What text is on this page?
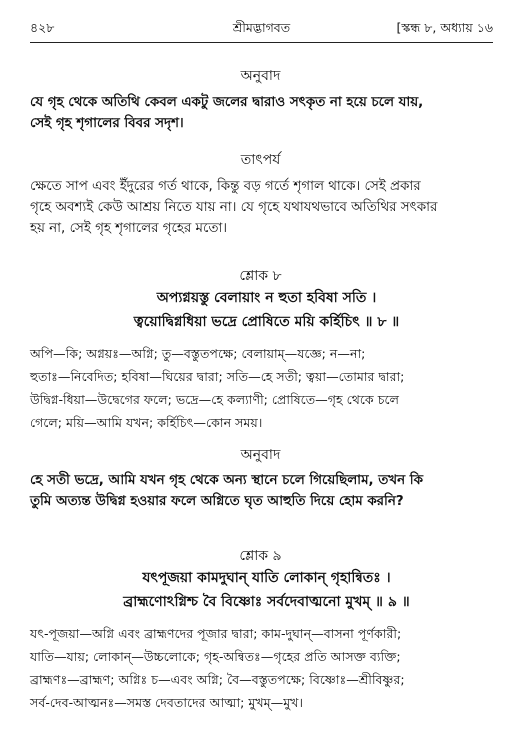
৪২৮	শ্রীমদ্ভাগবত	[স্কন্ধ ৮, অধ্যায় ১৬
অনুবাদ
যে গৃহ থেকে অতিথি কেবল একটু জলের দ্বারাও সৎকৃত না হয়ে চলে যায়,
সেই গৃহ শৃগালের বিবর সদৃশ।
তাৎপর্য
ক্ষেতে সাপ এবং ইঁদুরের গর্ত থাকে, কিন্তু বড় গর্তে শৃগাল থাকে। সেই প্রকার
গৃহে অবশ্যই কেউ আশ্রয় নিতে যায় না। যে গৃহে যথাযথভাবে অতিথির সৎকার
হয় না, সেই গৃহ শৃগালের গৃহের মতো।
শ্লোক ৮
অপ্যগ্নয়স্তু বেলায়াং ন হুতা হবিষা সতি ।
ত্বয়োদ্বিগ্নধিয়া ভদ্রে প্রোষিতে ময়ি কর্হিচিৎ ॥ ৮ ॥
অপি—কি; অগ্নয়ঃ—অগ্নি; তু—বস্তুতপক্ষে; বেলায়াম্—যজ্ঞে; ন—না;
হুতাঃ—নিবেদিত; হবিষা—ঘিয়ের দ্বারা; সতি—হে সতী; ত্বয়া—তোমার দ্বারা;
উদ্বিগ্ন-ধিয়া—উদ্বেগের ফলে; ভদ্রে—হে কল্যাণী; প্রোষিতে—গৃহ থেকে চলে
গেলে; ময়ি—আমি যখন; কর্হিচিৎ—কোন সময়।
অনুবাদ
হে সতী ভদ্রে, আমি যখন গৃহ থেকে অন্য স্থানে চলে গিয়েছিলাম, তখন কি
তুমি অত্যন্ত উদ্বিগ্ন হওয়ার ফলে অগ্নিতে ঘৃত আহুতি দিয়ে হোম করনি?
শ্লোক ৯
যৎপূজয়া কামদুঘান্ যাতি লোকান্ গৃহান্বিতঃ ।
ব্রাহ্মণোঽগ্নিশ্চ বৈ বিষ্ণোঃ সর্বদেবাত্মনো মুখম্ ॥ ৯ ॥
যৎ-পূজয়া—অগ্নি এবং ব্রাহ্মণদের পূজার দ্বারা; কাম-দুঘান্—বাসনা পূর্ণকারী;
যাতি—যায়; লোকান্—উচ্চলোকে; গৃহ-অন্বিতঃ—গৃহের প্রতি আসক্ত ব্যক্তি;
ব্রাহ্মণঃ—ব্রাহ্মণ; অগ্নিঃ চ—এবং অগ্নি; বৈ—বস্তুতপক্ষে; বিষ্ণোঃ—শ্রীবিষ্ণুর;
সর্ব-দেব-আত্মনঃ—সমস্ত দেবতাদের আত্মা; মুখম্—মুখ।
